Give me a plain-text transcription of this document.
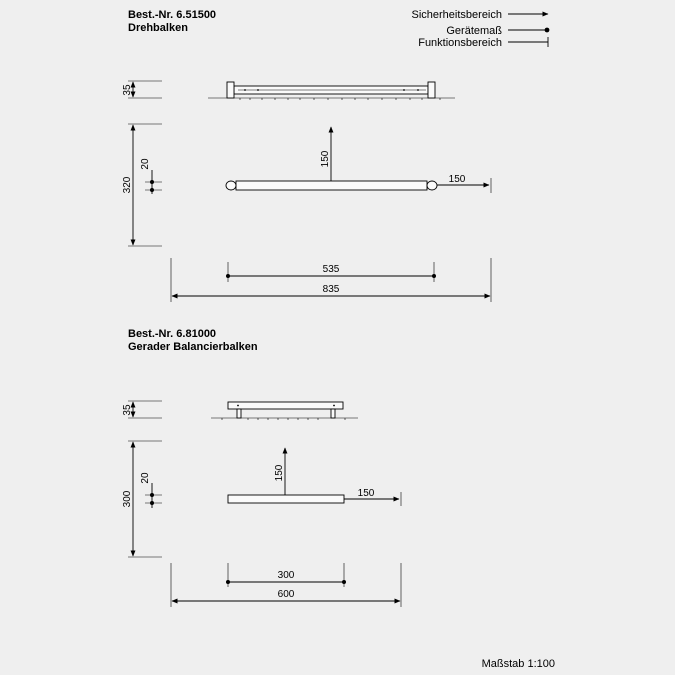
Sicherheitsbereich
Gerätemaß
Funktionsbereich
Best.-Nr. 6.51500
Drehbalken
35
320
20	150
150
535
835
Best.-Nr. 6.81000
Gerader Balancierbalken
35
300
20	150
150
300
600
Maßstab 1:100
